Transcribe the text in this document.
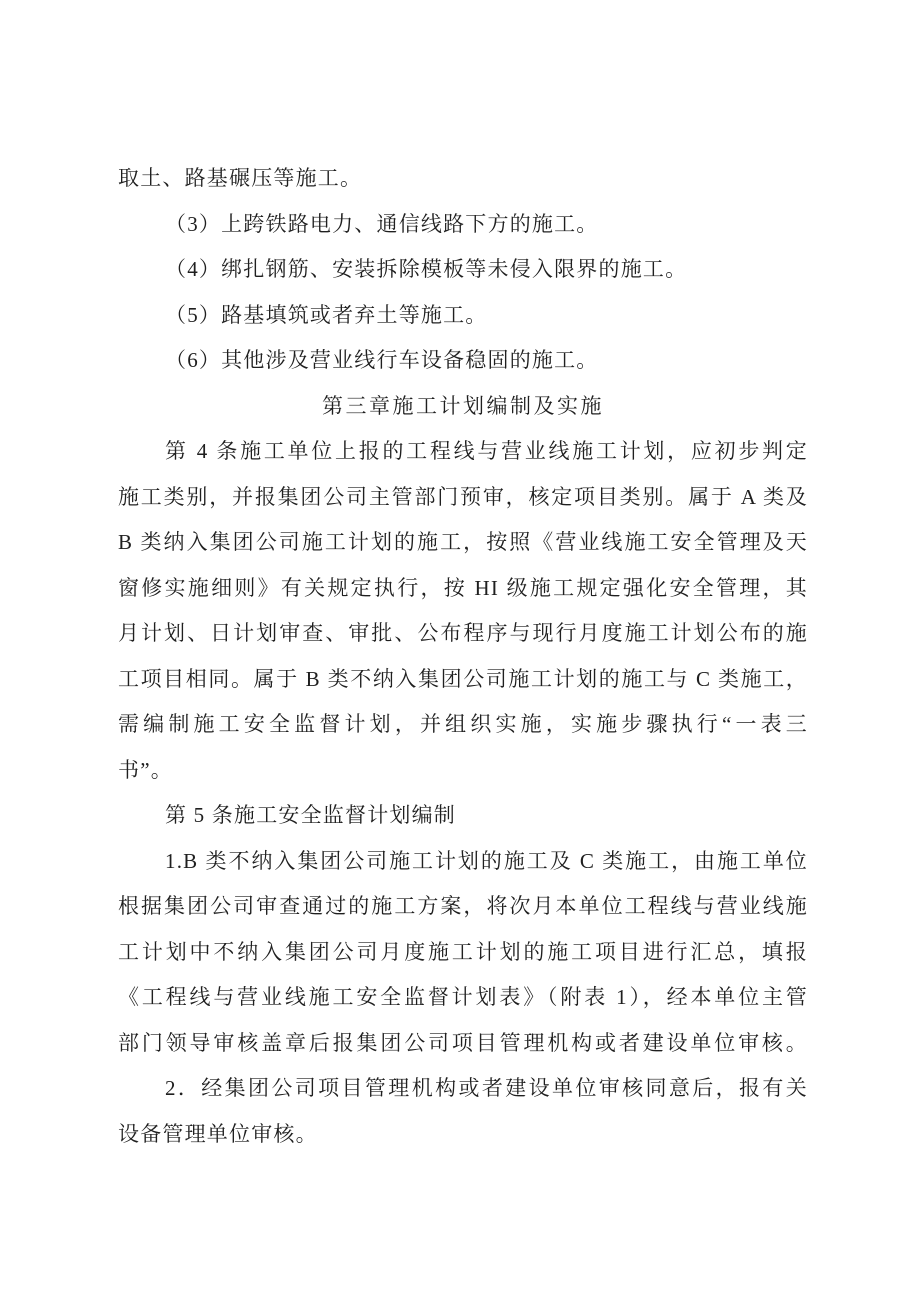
取土、路基碾压等施工。
（3）上跨铁路电力、通信线路下方的施工。
（4）绑扎钢筋、安装拆除模板等未侵入限界的施工。
（5）路基填筑或者弃土等施工。
（6）其他涉及营业线行车设备稳固的施工。
第三章施工计划编制及实施
第 4 条施工单位上报的工程线与营业线施工计划，应初步判定
施工类别，并报集团公司主管部门预审，核定项目类别。属于 A 类及
B 类纳入集团公司施工计划的施工，按照《营业线施工安全管理及天
窗修实施细则》有关规定执行，按 HI 级施工规定强化安全管理，其
月计划、日计划审查、审批、公布程序与现行月度施工计划公布的施
工项目相同。属于 B 类不纳入集团公司施工计划的施工与 C 类施工，
需编制施工安全监督计划，并组织实施，实施步骤执行“一表三
书”。
第 5 条施工安全监督计划编制
1.B 类不纳入集团公司施工计划的施工及 C 类施工，由施工单位
根据集团公司审查通过的施工方案，将次月本单位工程线与营业线施
工计划中不纳入集团公司月度施工计划的施工项目进行汇总，填报
《工程线与营业线施工安全监督计划表》（附表 1），经本单位主管
部门领导审核盖章后报集团公司项目管理机构或者建设单位审核。
2．经集团公司项目管理机构或者建设单位审核同意后，报有关
设备管理单位审核。
